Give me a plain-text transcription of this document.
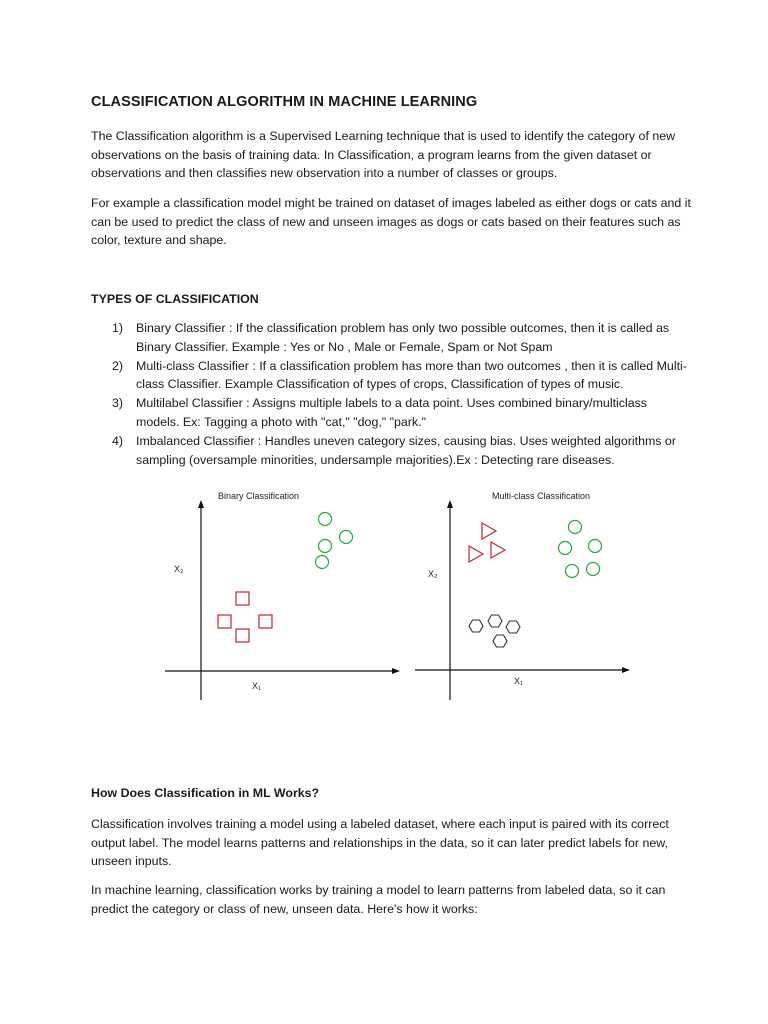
CLASSIFICATION ALGORITHM IN MACHINE LEARNING

The Classification algorithm is a Supervised Learning technique that is used to identify the category of new observations on the basis of training data. In Classification, a program learns from the given dataset or observations and then classifies new observation into a number of classes or groups.

For example a classification model might be trained on dataset of images labeled as either dogs or cats and it can be used to predict the class of new and unseen images as dogs or cats based on their features such as color, texture and shape.

TYPES OF CLASSIFICATION
1) Binary Classifier : If the classification problem has only two possible outcomes, then it is called as Binary Classifier. Example : Yes or No , Male or Female, Spam or Not Spam
2) Multi-class Classifier : If a classification problem has more than two outcomes , then it is called Multi-class Classifier. Example Classification of types of crops, Classification of types of music.
3) Multilabel Classifier : Assigns multiple labels to a data point. Uses combined binary/multiclass models. Ex: Tagging a photo with "cat," "dog," "park."
4) Imbalanced Classifier : Handles uneven category sizes, causing bias. Uses weighted algorithms or sampling (oversample minorities, undersample majorities).Ex : Detecting rare diseases.
Binary Classification
X₂
X₁
Multi-class Classification
X₂
X₁
How Does Classification in ML Works?

Classification involves training a model using a labeled dataset, where each input is paired with its correct output label. The model learns patterns and relationships in the data, so it can later predict labels for new, unseen inputs.

In machine learning, classification works by training a model to learn patterns from labeled data, so it can predict the category or class of new, unseen data. Here's how it works:
